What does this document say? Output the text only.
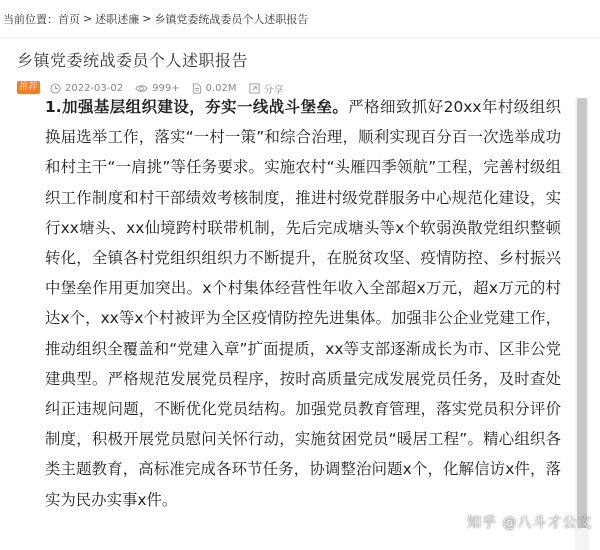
当前位置： 首页 > 述职述廉 > 乡镇党委统战委员个人述职报告
乡镇党委统战委员个人述职报告
推荐	2022-03-02	999+	0.02M	分享
1.加强基层组织建设，夯实一线战斗堡垒。严格细致抓好20xx年村级组织换届选举工作，落实“一村一策”和综合治理，顺利实现百分百一次选举成功和村主干“一肩挑”等任务要求。实施农村“头雁四季领航”工程，完善村级组织工作制度和村干部绩效考核制度，推进村级党群服务中心规范化建设，实行xx塘头、xx仙境跨村联带机制，先后完成塘头等x个软弱涣散党组织整顿转化，全镇各村党组织组织力不断提升，在脱贫攻坚、疫情防控、乡村振兴中堡垒作用更加突出。x个村集体经营性年收入全部超x万元，超x万元的村达x个，xx等x个村被评为全区疫情防控先进集体。加强非公企业党建工作，推动组织全覆盖和“党建入章”扩面提质，xx等支部逐渐成长为市、区非公党建典型。严格规范发展党员程序，按时高质量完成发展党员任务，及时查处纠正违规问题，不断优化党员结构。加强党员教育管理，落实党员积分评价制度，积极开展党员慰问关怀行动，实施贫困党员“暖居工程”。精心组织各类主题教育，高标准完成各环节任务，协调整治问题x个，化解信访x件，落实为民办实事x件。
知乎 @八斗才公文
